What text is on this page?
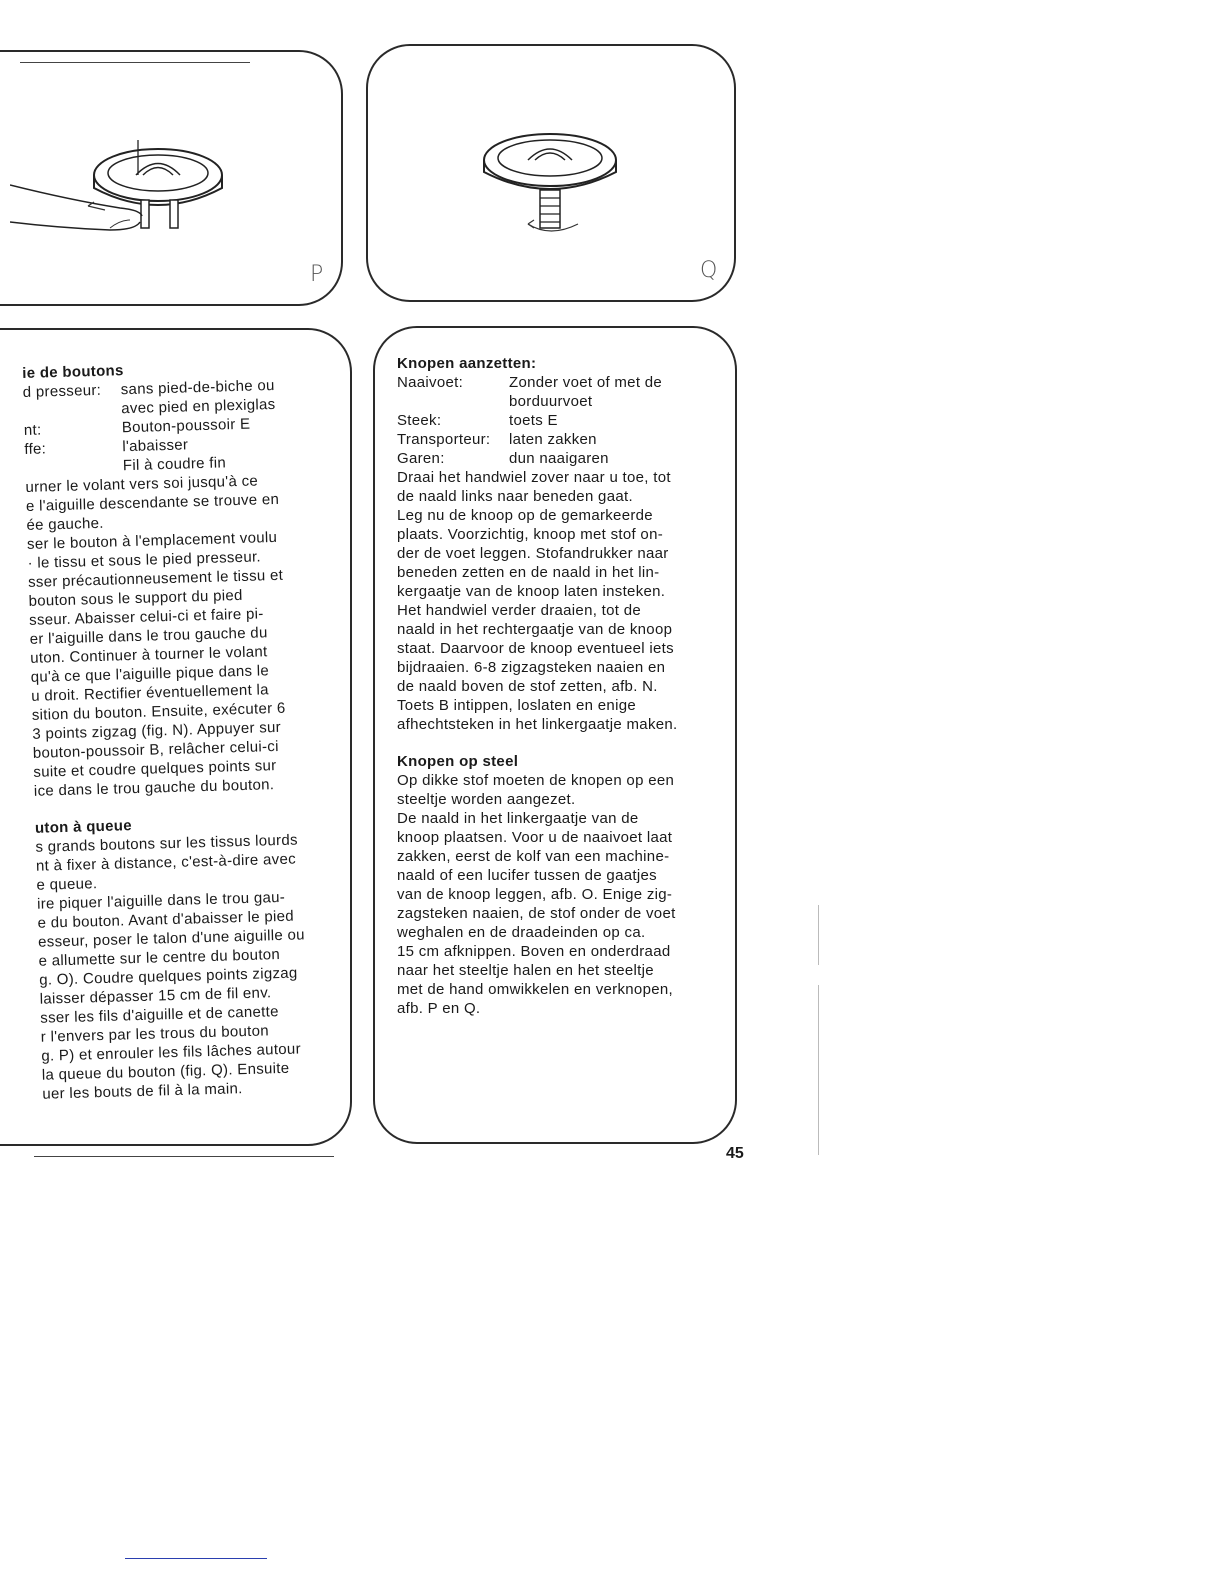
P	Q

ie de boutons

d presseur:	sans pied-de-biche ou
avec pied en plexiglas
nt:	Bouton-poussoir E
ffe:	l'abaisser
Fil à coudre fin

urner le volant vers soi jusqu'à ce

e l'aiguille descendante se trouve en

ée gauche.

ser le bouton à l'emplacement voulu

· le tissu et sous le pied presseur.

sser précautionneusement le tissu et

bouton sous le support du pied

sseur. Abaisser celui-ci et faire pi-

er l'aiguille dans le trou gauche du

uton. Continuer à tourner le volant

qu'à ce que l'aiguille pique dans le

u droit. Rectifier éventuellement la

sition du bouton. Ensuite, exécuter 6

3 points zigzag (fig. N). Appuyer sur

bouton-poussoir B, relâcher celui-ci

suite et coudre quelques points sur

ice dans le trou gauche du bouton.

uton à queue

s grands boutons sur les tissus lourds

nt à fixer à distance, c'est-à-dire avec

e queue.

ire piquer l'aiguille dans le trou gau-

e du bouton. Avant d'abaisser le pied

esseur, poser le talon d'une aiguille ou

e allumette sur le centre du bouton

g. O). Coudre quelques points zigzag

laisser dépasser 15 cm de fil env.

sser les fils d'aiguille et de canette

r l'envers par les trous du bouton

g. P) et enrouler les fils lâches autour

la queue du bouton (fig. Q). Ensuite

uer les bouts de fil à la main.

Knopen aanzetten:

Naaivoet:	Zonder voet of met de
borduurvoet
Steek:	toets E
Transporteur:	laten zakken
Garen:	dun naaigaren

Draai het handwiel zover naar u toe, tot

de naald links naar beneden gaat.

Leg nu de knoop op de gemarkeerde

plaats. Voorzichtig, knoop met stof on-

der de voet leggen. Stofandrukker naar

beneden zetten en de naald in het lin-

kergaatje van de knoop laten insteken.

Het handwiel verder draaien, tot de

naald in het rechtergaatje van de knoop

staat. Daarvoor de knoop eventueel iets

bijdraaien. 6-8 zigzagsteken naaien en

de naald boven de stof zetten, afb. N.

Toets B intippen, loslaten en enige

afhechtsteken in het linkergaatje maken.

Knopen op steel

Op dikke stof moeten de knopen op een

steeltje worden aangezet.

De naald in het linkergaatje van de

knoop plaatsen. Voor u de naaivoet laat

zakken, eerst de kolf van een machine-

naald of een lucifer tussen de gaatjes

van de knoop leggen, afb. O. Enige zig-

zagsteken naaien, de stof onder de voet

weghalen en de draadeinden op ca.

15 cm afknippen. Boven en onderdraad

naar het steeltje halen en het steeltje

met de hand omwikkelen en verknopen,

afb. P en Q.

45
